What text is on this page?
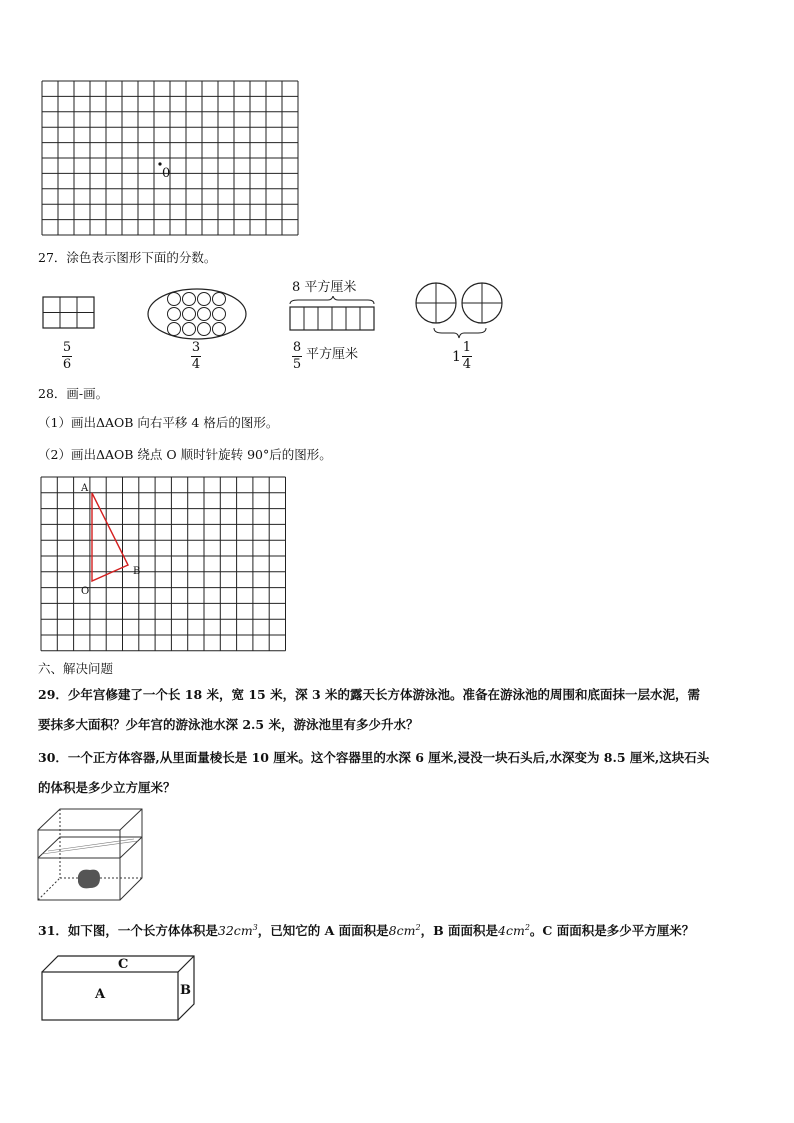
0
27．涂色表示图形下面的分数。
5
6
3
4
8 平方厘米
8
5
平方厘米	$1 \frac{1}{4}$
28．画-画。
（1）画出ΔAOB 向右平移 4 格后的图形。
（2）画出ΔAOB 绕点 O 顺时针旋转 90°后的图形。
A
B
O
六、解决问题
29．少年宫修建了一个长 18 米，宽 15 米，深 3 米的露天长方体游泳池。准备在游泳池的周围和底面抹一层水泥，需
要抹多大面积？少年宫的游泳池水深 2.5 米，游泳池里有多少升水？
30．一个正方体容器,从里面量棱长是 10 厘米。这个容器里的水深 6 厘米,浸没一块石头后,水深变为 8.5 厘米,这块石头
的体积是多少立方厘米？
31．如下图，一个长方体体积是$32cm^3$，已知它的 A 面面积是$8cm^2$，B 面面积是$4cm^2$。C 面面积是多少平方厘米？
C
A	B
